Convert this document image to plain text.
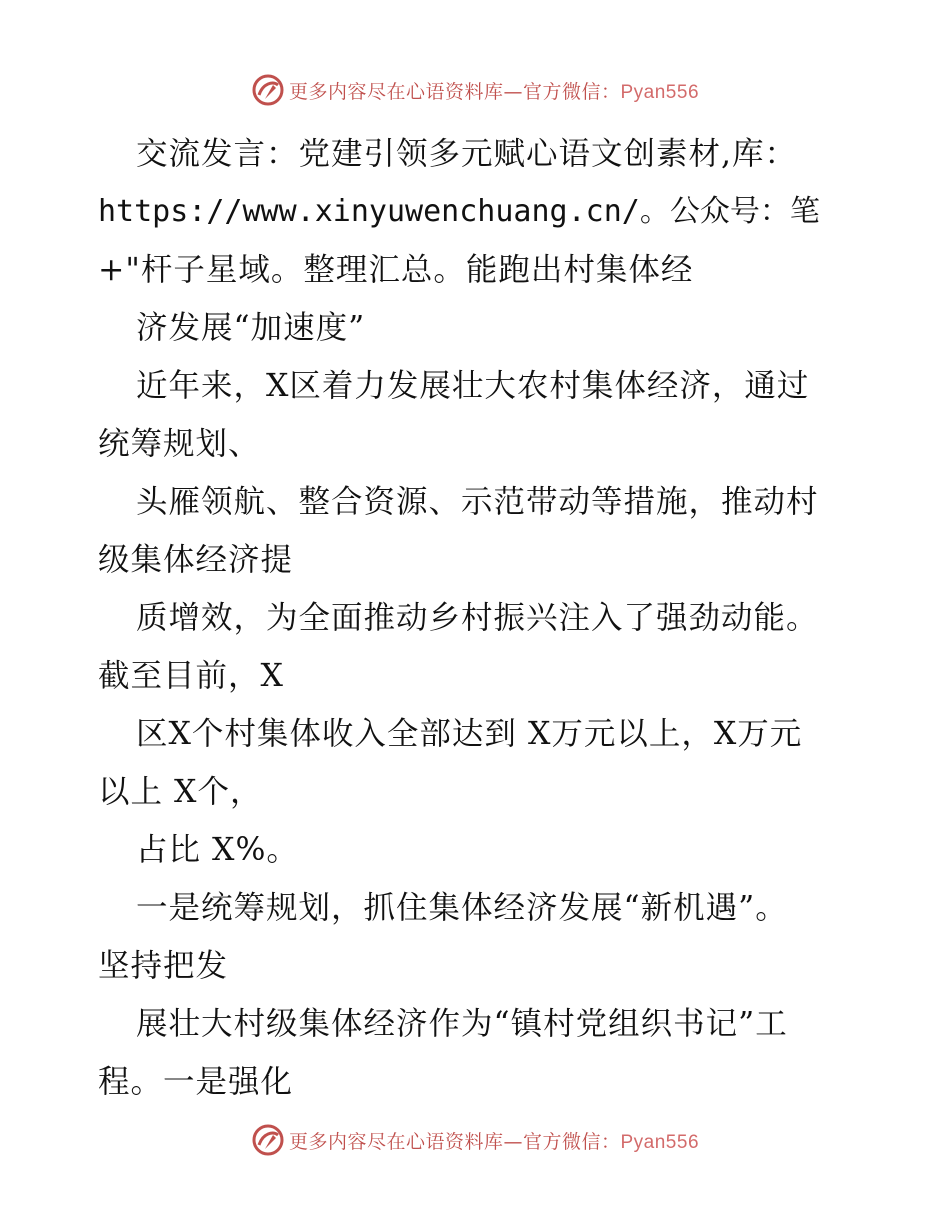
更多内容尽在心语资料库—官方微信：Pyan556
交流发言：党建引领多元赋心语文创素材,库：
https://www.xinyuwenchuang.cn/。公众号：笔
+"杆子星域。整理汇总。能跑出村集体经
济发展“加速度”
近年来，X区着力发展壮大农村集体经济，通过
统筹规划、
头雁领航、整合资源、示范带动等措施，推动村
级集体经济提
质增效，为全面推动乡村振兴注入了强劲动能。
截至目前，X
区X个村集体收入全部达到 X万元以上，X万元
以上 X个，
占比 X%。
一是统筹规划，抓住集体经济发展“新机遇”。
坚持把发
展壮大村级集体经济作为“镇村党组织书记”工
程。一是强化
更多内容尽在心语资料库—官方微信：Pyan556
